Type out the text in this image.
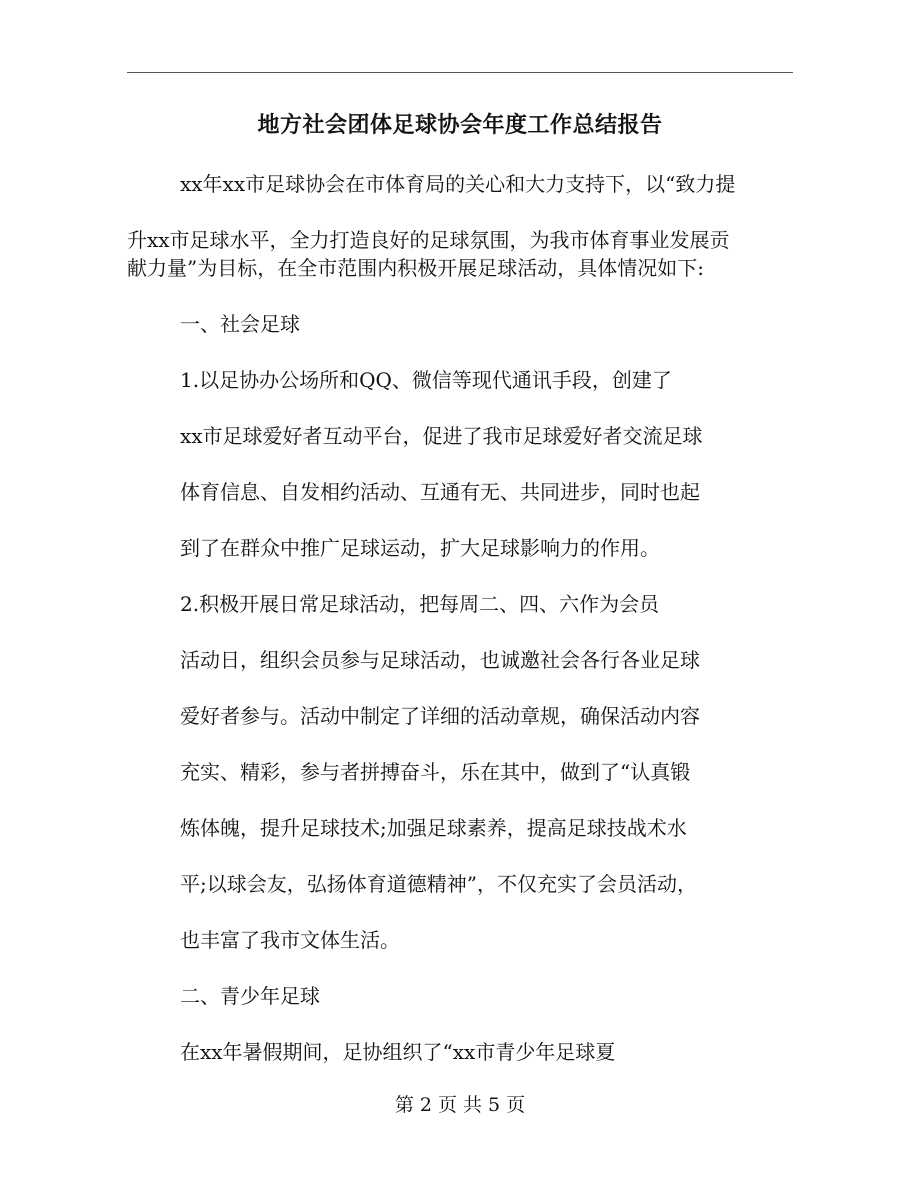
地方社会团体足球协会年度工作总结报告
xx年xx市足球协会在市体育局的关心和大力支持下，以“致力提
升xx市足球水平，全力打造良好的足球氛围，为我市体育事业发展贡
献力量”为目标，在全市范围内积极开展足球活动，具体情况如下:
一、社会足球
1.以足协办公场所和QQ、微信等现代通讯手段，创建了
xx市足球爱好者互动平台，促进了我市足球爱好者交流足球
体育信息、自发相约活动、互通有无、共同进步，同时也起
到了在群众中推广足球运动，扩大足球影响力的作用。
2.积极开展日常足球活动，把每周二、四、六作为会员
活动日，组织会员参与足球活动，也诚邀社会各行各业足球
爱好者参与。活动中制定了详细的活动章规，确保活动内容
充实、精彩，参与者拼搏奋斗，乐在其中，做到了“认真锻
炼体魄，提升足球技术;加强足球素养，提高足球技战术水
平;以球会友，弘扬体育道德精神”，不仅充实了会员活动，
也丰富了我市文体生活。
二、青少年足球
在xx年暑假期间，足协组织了“xx市青少年足球夏
第 2 页 共 5 页
